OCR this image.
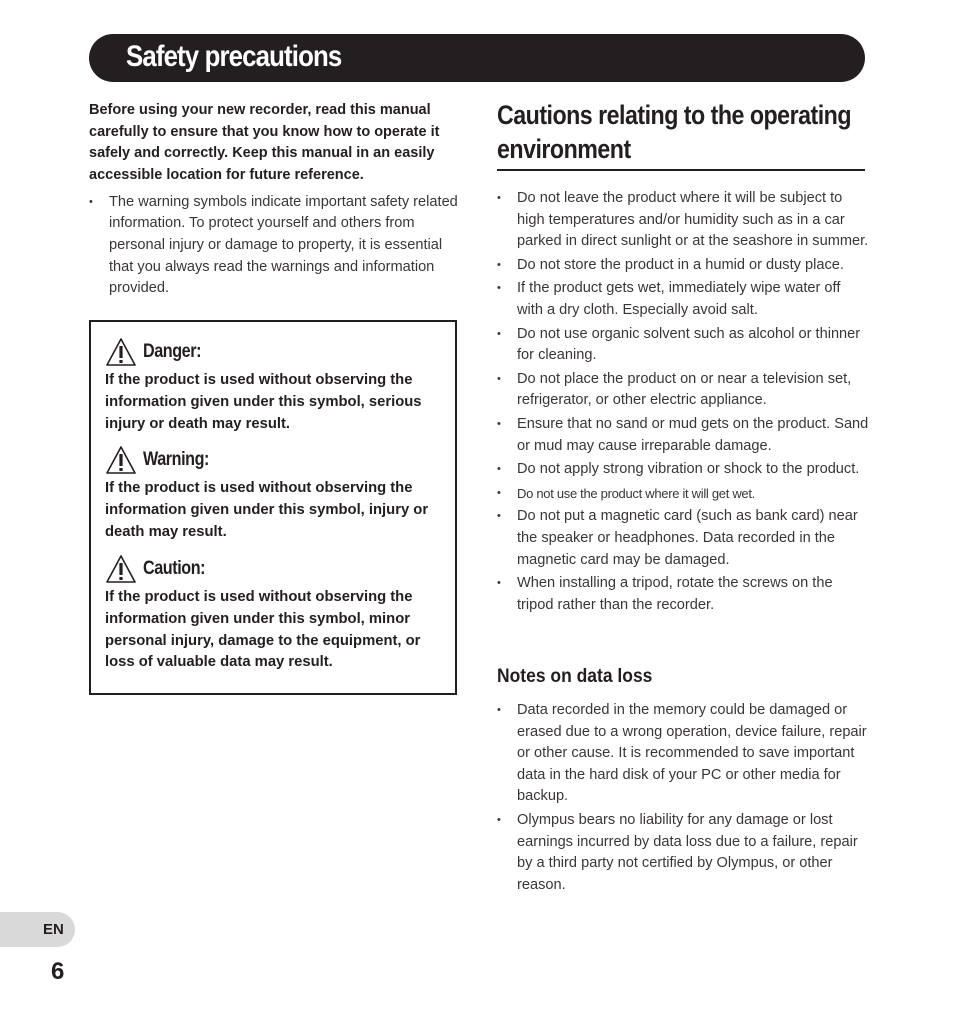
Safety precautions

Before using your new recorder, read this manual carefully to ensure that you know how to operate it safely and correctly. Keep this manual in an easily accessible location for future reference.

• The warning symbols indicate important safety related information. To protect yourself and others from personal injury or damage to property, it is essential that you always read the warnings and information provided.
Danger:

If the product is used without observing the information given under this symbol, serious injury or death may result.

Warning:

If the product is used without observing the information given under this symbol, injury or death may result.

Caution:

If the product is used without observing the information given under this symbol, minor personal injury, damage to the equipment, or loss of valuable data may result.

Cautions relating to the operating environment
• Do not leave the product where it will be subject to high temperatures and/or humidity such as in a car parked in direct sunlight or at the seashore in summer.
• Do not store the product in a humid or dusty place.
• If the product gets wet, immediately wipe water off with a dry cloth. Especially avoid salt.
• Do not use organic solvent such as alcohol or thinner for cleaning.
• Do not place the product on or near a television set, refrigerator, or other electric appliance.
• Ensure that no sand or mud gets on the product. Sand or mud may cause irreparable damage.
• Do not apply strong vibration or shock to the product.
• Do not use the product where it will get wet.
• Do not put a magnetic card (such as bank card) near the speaker or headphones. Data recorded in the magnetic card may be damaged.
• When installing a tripod, rotate the screws on the tripod rather than the recorder.
Notes on data loss
• Data recorded in the memory could be damaged or erased due to a wrong operation, device failure, repair or other cause. It is recommended to save important data in the hard disk of your PC or other media for backup.
• Olympus bears no liability for any damage or lost earnings incurred by data loss due to a failure, repair by a third party not certified by Olympus, or other reason.
EN
6
